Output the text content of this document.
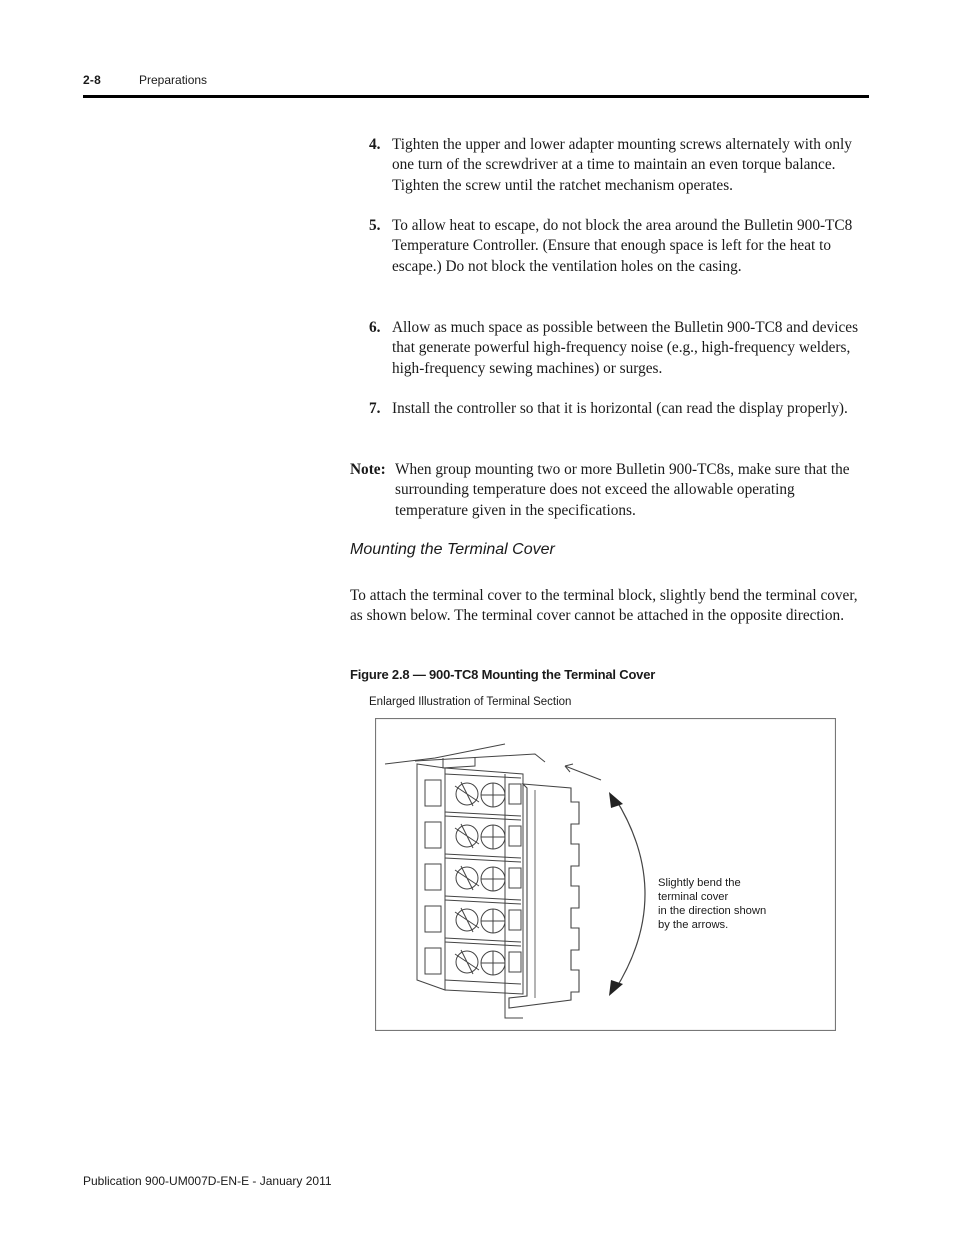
2-8	Preparations
4. Tighten the upper and lower adapter mounting screws alternately with only one turn of the screwdriver at a time to maintain an even torque balance. Tighten the screw until the ratchet mechanism operates.
5. To allow heat to escape, do not block the area around the Bulletin 900-TC8 Temperature Controller. (Ensure that enough space is left for the heat to escape.) Do not block the ventilation holes on the casing.
6. Allow as much space as possible between the Bulletin 900-TC8 and devices that generate powerful high-frequency noise (e.g., high-frequency welders, high-frequency sewing machines) or surges.
7. Install the controller so that it is horizontal (can read the display properly).
Note: When group mounting two or more Bulletin 900-TC8s, make sure that the surrounding temperature does not exceed the allowable operating temperature given in the specifications.
Mounting the Terminal Cover
To attach the terminal cover to the terminal block, slightly bend the terminal cover, as shown below. The terminal cover cannot be attached in the opposite direction.
Figure 2.8 — 900-TC8 Mounting the Terminal Cover
Enlarged Illustration of Terminal Section
Slightly bend the
terminal cover
in the direction shown
by the arrows.
Publication 900-UM007D-EN-E - January 2011
